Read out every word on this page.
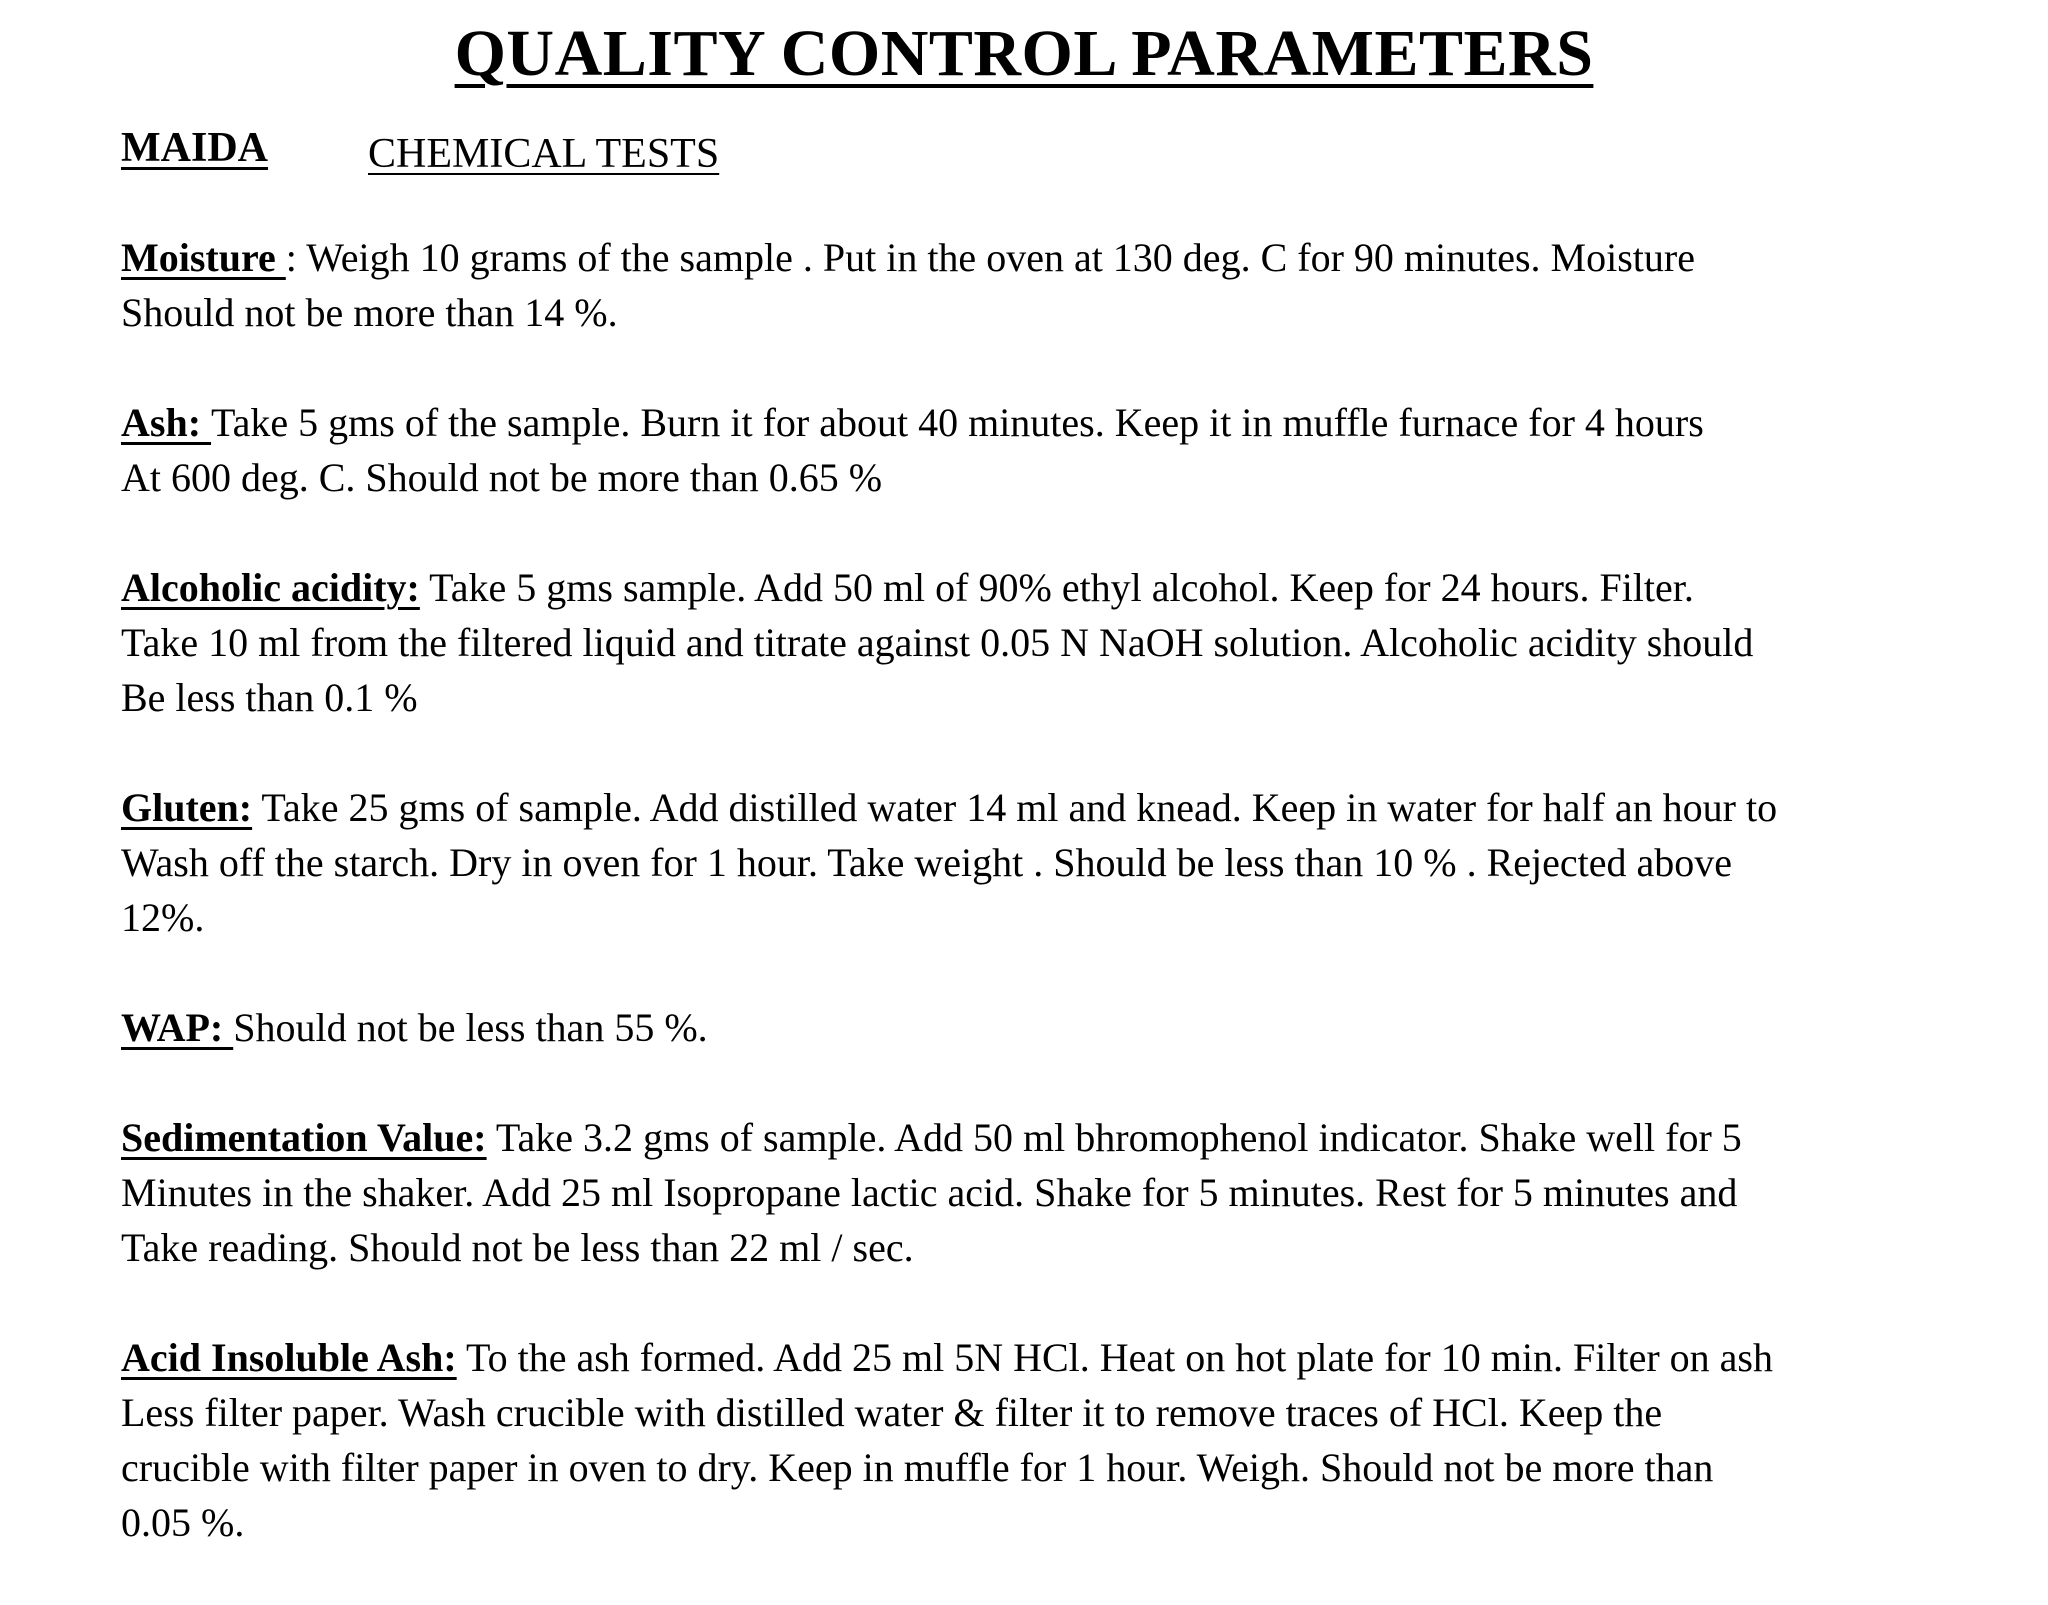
QUALITY CONTROL PARAMETERS
MAIDA CHEMICAL TESTS

Moisture : Weigh 10 grams of the sample . Put in the oven at 130 deg. C for 90 minutes. Moisture
Should not be more than 14 %.

Ash: Take 5 gms of the sample. Burn it for about 40 minutes. Keep it in muffle furnace for 4 hours
At 600 deg. C. Should not be more than 0.65 %

Alcoholic acidity: Take 5 gms sample. Add 50 ml of 90% ethyl alcohol. Keep for 24 hours. Filter.
Take 10 ml from the filtered liquid and titrate against 0.05 N NaOH solution. Alcoholic acidity should
Be less than 0.1 %

Gluten: Take 25 gms of sample. Add distilled water 14 ml and knead. Keep in water for half an hour to
Wash off the starch. Dry in oven for 1 hour. Take weight . Should be less than 10 % . Rejected above
12%.

WAP: Should not be less than 55 %.

Sedimentation Value: Take 3.2 gms of sample. Add 50 ml bhromophenol indicator. Shake well for 5
Minutes in the shaker. Add 25 ml Isopropane lactic acid. Shake for 5 minutes. Rest for 5 minutes and
Take reading. Should not be less than 22 ml / sec.

Acid Insoluble Ash: To the ash formed. Add 25 ml 5N HCl. Heat on hot plate for 10 min. Filter on ash
Less filter paper. Wash crucible with distilled water & filter it to remove traces of HCl. Keep the
crucible with filter paper in oven to dry. Keep in muffle for 1 hour. Weigh. Should not be more than
0.05 %.
